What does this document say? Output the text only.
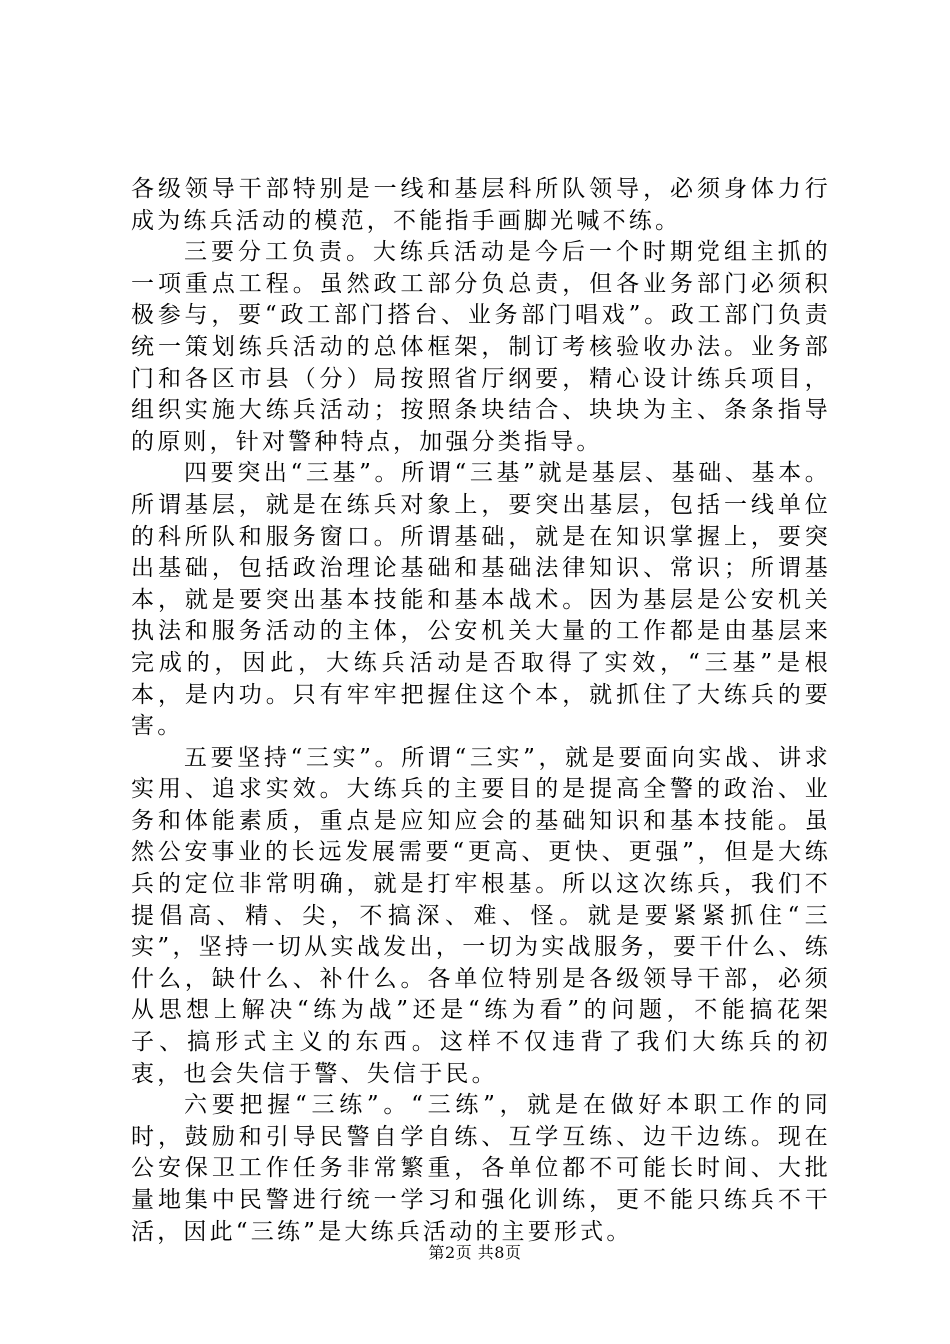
各级领导干部特别是一线和基层科所队领导，必须身体力行成为练兵活动的模范，不能指手画脚光喊不练。

三要分工负责。大练兵活动是今后一个时期党组主抓的一项重点工程。虽然政工部分负总责，但各业务部门必须积极参与，要“政工部门搭台、业务部门唱戏”。政工部门负责统一策划练兵活动的总体框架，制订考核验收办法。业务部门和各区市县（分）局按照省厅纲要，精心设计练兵项目，组织实施大练兵活动；按照条块结合、块块为主、条条指导的原则，针对警种特点，加强分类指导。

四要突出“三基”。所谓“三基”就是基层、基础、基本。所谓基层，就是在练兵对象上，要突出基层，包括一线单位的科所队和服务窗口。所谓基础，就是在知识掌握上，要突出基础，包括政治理论基础和基础法律知识、常识；所谓基本，就是要突出基本技能和基本战术。因为基层是公安机关执法和服务活动的主体，公安机关大量的工作都是由基层来完成的，因此，大练兵活动是否取得了实效，“三基”是根本，是内功。只有牢牢把握住这个本，就抓住了大练兵的要害。

五要坚持“三实”。所谓“三实”，就是要面向实战、讲求实用、追求实效。大练兵的主要目的是提高全警的政治、业务和体能素质，重点是应知应会的基础知识和基本技能。虽然公安事业的长远发展需要“更高、更快、更强”，但是大练兵的定位非常明确，就是打牢根基。所以这次练兵，我们不提倡高、精、尖，不搞深、难、怪。就是要紧紧抓住“三实”，坚持一切从实战发出，一切为实战服务，要干什么、练什么，缺什么、补什么。各单位特别是各级领导干部，必须从思想上解决“练为战”还是“练为看”的问题，不能搞花架子、搞形式主义的东西。这样不仅违背了我们大练兵的初衷，也会失信于警、失信于民。

六要把握“三练”。“三练”，就是在做好本职工作的同时，鼓励和引导民警自学自练、互学互练、边干边练。现在公安保卫工作任务非常繁重，各单位都不可能长时间、大批量地集中民警进行统一学习和强化训练，更不能只练兵不干活，因此“三练”是大练兵活动的主要形式。

第2页 共8页
